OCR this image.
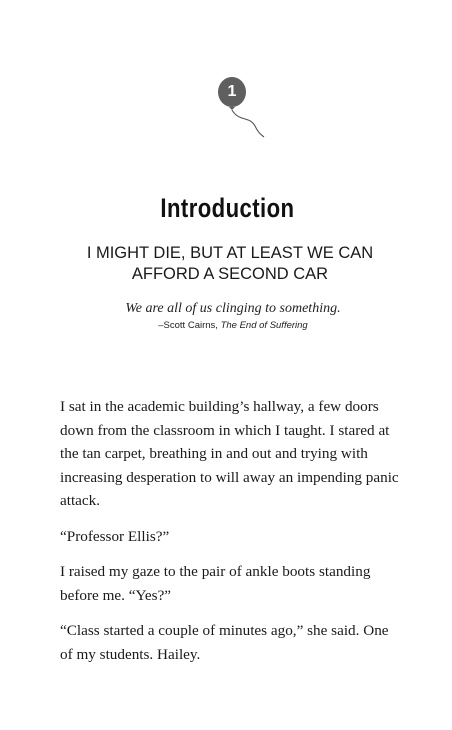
1
Introduction
I MIGHT DIE, BUT AT LEAST WE CAN
AFFORD A SECOND CAR
We are all of us clinging to something.
–Scott Cairns, The End of Suffering

I sat in the academic building’s hallway, a few doors down from the classroom in which I taught. I stared at the tan carpet, breathing in and out and trying with increasing desperation to will away an impending panic attack.

“Professor Ellis?”

I raised my gaze to the pair of ankle boots standing before me. “Yes?”

“Class started a couple of minutes ago,” she said. One of my students. Hailey.
